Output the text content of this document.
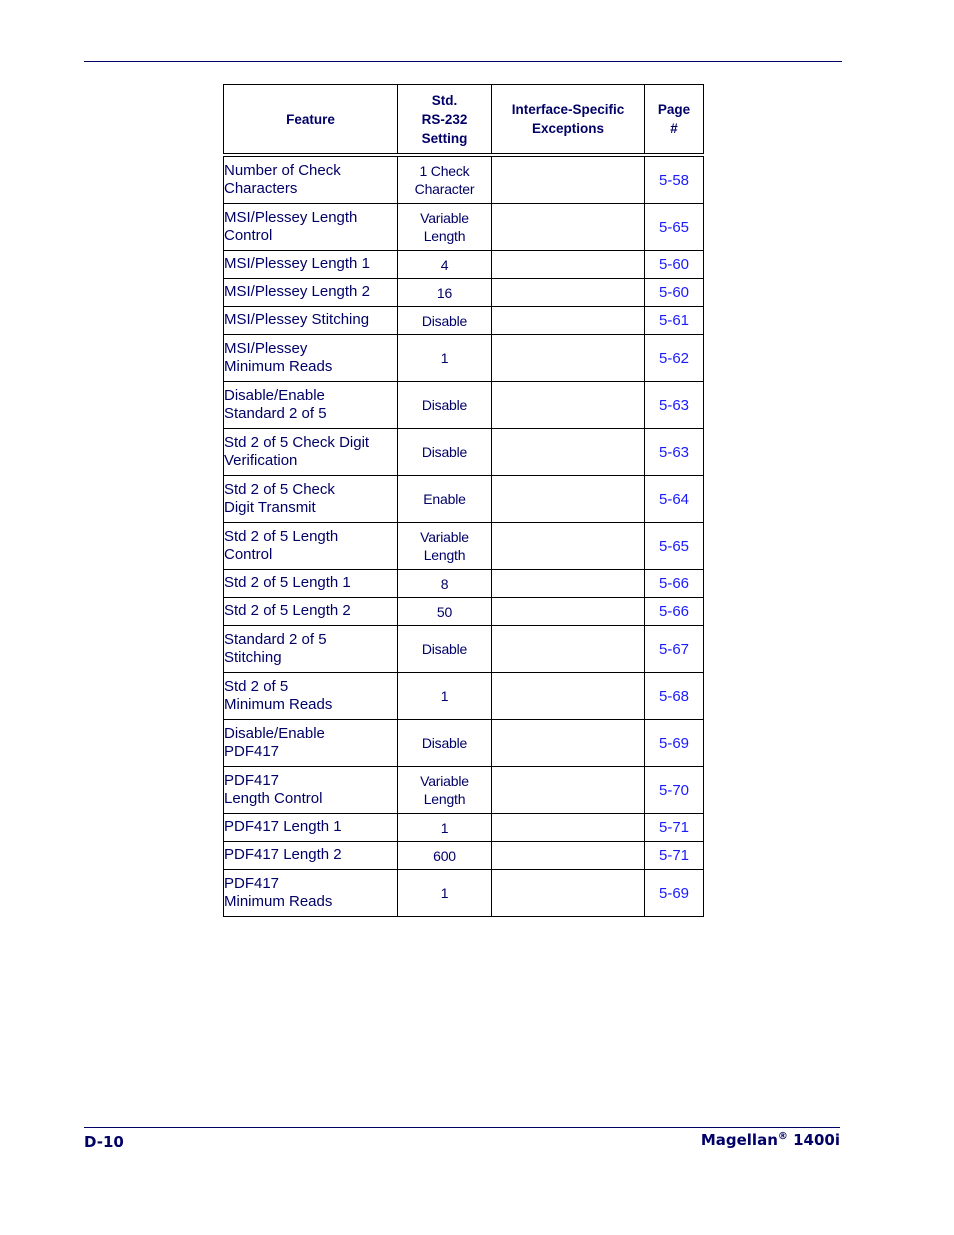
Feature	Std.
RS-232
Setting	Interface-Specific
Exceptions	Page
#

Number of Check
Characters	1 Check
Character		5-58

MSI/Plessey Length
Control	Variable
Length		5-65

MSI/Plessey Length 1	4		5-60

MSI/Plessey Length 2	16		5-60

MSI/Plessey Stitching	Disable		5-61

MSI/Plessey
Minimum Reads	1		5-62

Disable/Enable
Standard 2 of 5	Disable		5-63

Std 2 of 5 Check Digit
Verification	Disable		5-63

Std 2 of 5 Check
Digit Transmit	Enable		5-64

Std 2 of 5 Length
Control	Variable
Length		5-65

Std 2 of 5 Length 1	8		5-66

Std 2 of 5 Length 2	50		5-66

Standard 2 of 5
Stitching	Disable		5-67

Std 2 of 5
Minimum Reads	1		5-68

Disable/Enable
PDF417	Disable		5-69

PDF417
Length Control	Variable
Length		5-70

PDF417 Length 1	1		5-71

PDF417 Length 2	600		5-71

PDF417
Minimum Reads	1		5-69
D-10	Magellan® 1400i
